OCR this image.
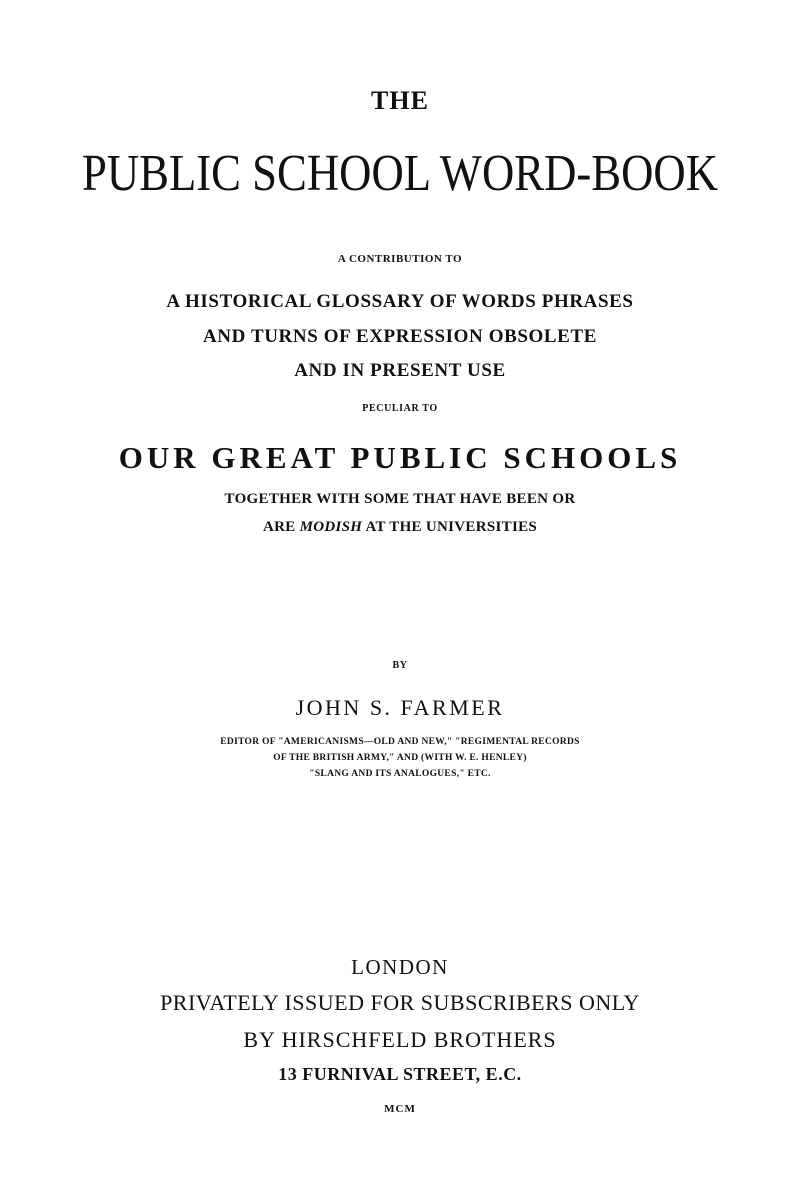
THE
PUBLIC SCHOOL WORD-BOOK
A CONTRIBUTION TO
A HISTORICAL GLOSSARY OF WORDS PHRASES
AND TURNS OF EXPRESSION OBSOLETE
AND IN PRESENT USE
PECULIAR TO
OUR GREAT PUBLIC SCHOOLS
TOGETHER WITH SOME THAT HAVE BEEN OR
ARE MODISH AT THE UNIVERSITIES
BY
JOHN S. FARMER
EDITOR OF "AMERICANISMS—OLD AND NEW," "REGIMENTAL RECORDS
OF THE BRITISH ARMY," AND (WITH W. E. HENLEY)
"SLANG AND ITS ANALOGUES," ETC.
LONDON
PRIVATELY ISSUED FOR SUBSCRIBERS ONLY
BY HIRSCHFELD BROTHERS
13 FURNIVAL STREET, E.C.
MCM
